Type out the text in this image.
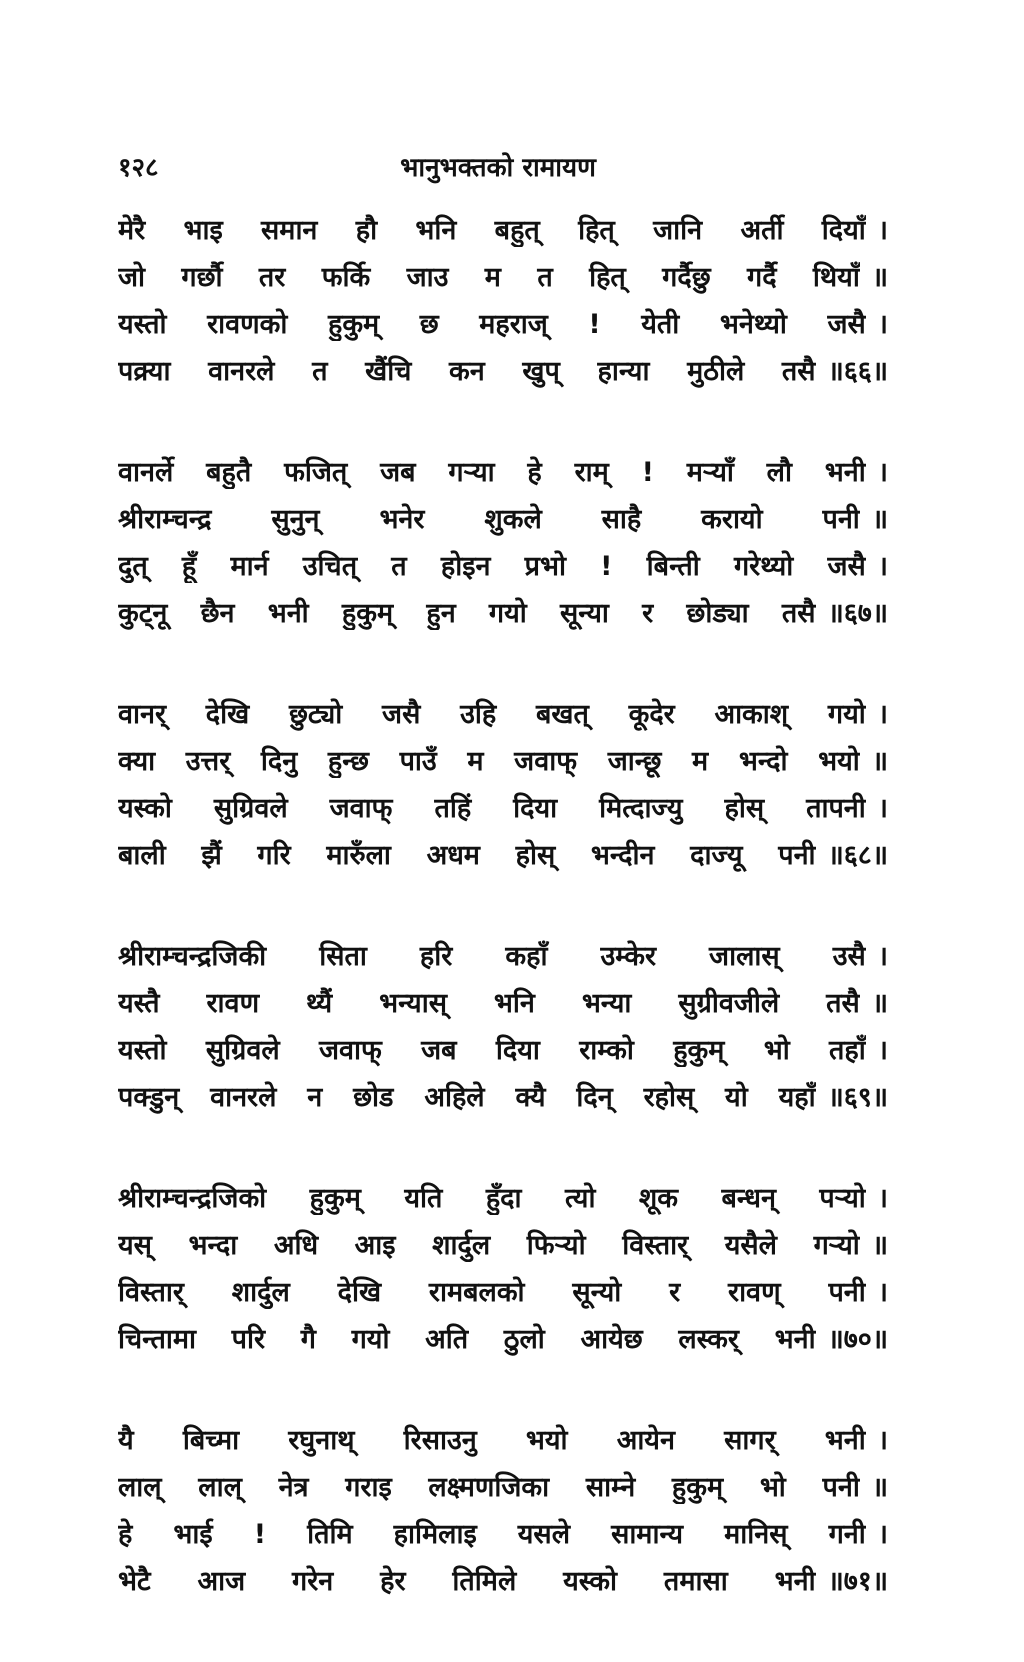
१२८	भानुभक्तको रामायण
मेरै भाइ समान हौ भनि बहुत् हित् जानि अर्ती दियाँ ।
जो गर्छौ तर फर्कि जाउ म त हित् गर्दैछु गर्दै थियाँ ॥
यस्तो रावणको हुकुम् छ महराज् ! येती भनेथ्यो जसै ।
पक्र्या वानरले त खैंचि कन खुप् हान्या मुठीले तसै ॥६६॥
वानर्ले बहुतै फजित् जब गर्‍या हे राम् ! मर्‍याँ लौ भनी ।
श्रीराम्चन्द्र सुनुन् भनेर शुकले साहै करायो पनी ॥
दुत् हूँ मार्न उचित् त होइन प्रभो ! बिन्ती गरेथ्यो जसै ।
कुट्नू छैन भनी हुकुम् हुन गयो सून्या र छोड्या तसै ॥६७॥
वानर् देखि छुट्यो जसै उहि बखत् कूदेर आकाश् गयो ।
क्या उत्तर् दिनु हुन्छ पाउँ म जवाफ् जान्छू म भन्दो भयो ॥
यस्को सुग्रिवले जवाफ् तहिं दिया मित्दाज्यु होस् तापनी ।
बाली झैं गरि मारुँला अधम होस् भन्दीन दाज्यू पनी ॥६८॥
श्रीराम्चन्द्रजिकी सिता हरि कहाँ उम्केर जालास् उसै ।
यस्तै रावण थ्यैं भन्यास् भनि भन्या सुग्रीवजीले तसै ॥
यस्तो सुग्रिवले जवाफ् जब दिया राम्को हुकुम् भो तहाँ ।
पक्डुन् वानरले न छोड अहिले क्यै दिन् रहोस् यो यहाँ ॥६९॥
श्रीराम्चन्द्रजिको हुकुम् यति हुँदा त्यो शूक बन्धन् पर्‍यो ।
यस् भन्दा अधि आइ शार्दुल फिर्‍यो विस्तार् यसैले गर्‍यो ॥
विस्तार् शार्दुल देखि रामबलको सून्यो र रावण् पनी ।
चिन्तामा परि गै गयो अति ठुलो आयेछ लस्कर् भनी ॥७०॥
यै बिच्मा रघुनाथ् रिसाउनु भयो आयेन सागर् भनी ।
लाल् लाल् नेत्र गराइ लक्ष्मणजिका साम्ने हुकुम् भो पनी ॥
हे भाई ! तिमि हामिलाइ यसले सामान्य मानिस् गनी ।
भेटै आज गरेन हेर तिमिले यस्को तमासा भनी ॥७१॥
